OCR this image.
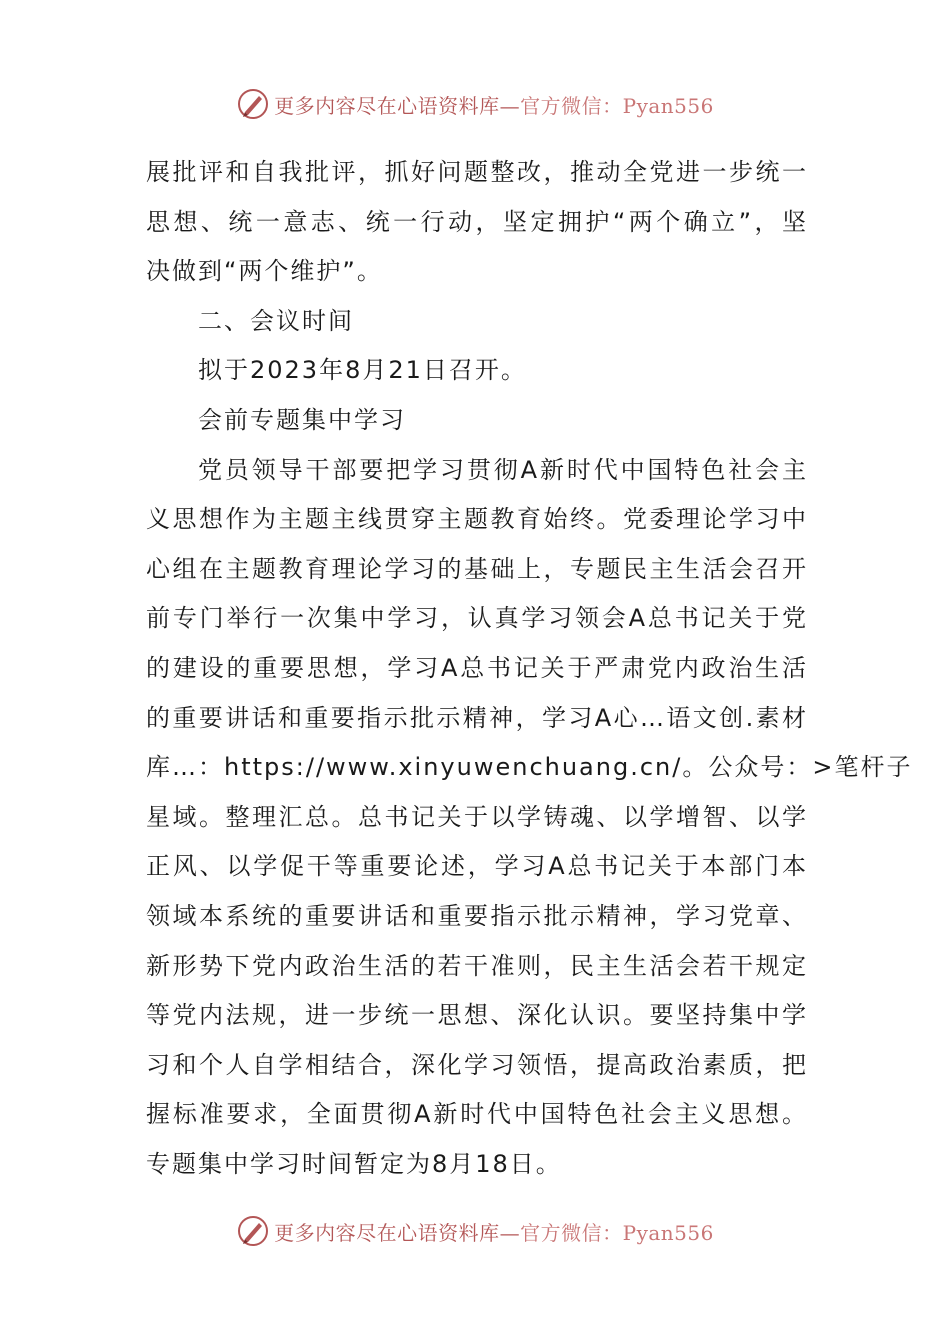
更多内容尽在心语资料库—官方微信：Pyan556
展批评和自我批评，抓好问题整改，推动全党进一步统一
思想、统一意志、统一行动，坚定拥护“两个确立”，坚
决做到“两个维护”。
二、会议时间
拟于2023年8月21日召开。
会前专题集中学习
党员领导干部要把学习贯彻A新时代中国特色社会主
义思想作为主题主线贯穿主题教育始终。党委理论学习中
心组在主题教育理论学习的基础上，专题民主生活会召开
前专门举行一次集中学习，认真学习领会A总书记关于党
的建设的重要思想，学习A总书记关于严肃党内政治生活
的重要讲话和重要指示批示精神，学习A心…语文创.素材
库…：https://www.xinyuwenchuang.cn/。公众号：>笔杆子
星域。整理汇总。总书记关于以学铸魂、以学增智、以学
正风、以学促干等重要论述，学习A总书记关于本部门本
领域本系统的重要讲话和重要指示批示精神，学习党章、
新形势下党内政治生活的若干准则，民主生活会若干规定
等党内法规，进一步统一思想、深化认识。要坚持集中学
习和个人自学相结合，深化学习领悟，提高政治素质，把
握标准要求，全面贯彻A新时代中国特色社会主义思想。
专题集中学习时间暂定为8月18日。
更多内容尽在心语资料库—官方微信：Pyan556
